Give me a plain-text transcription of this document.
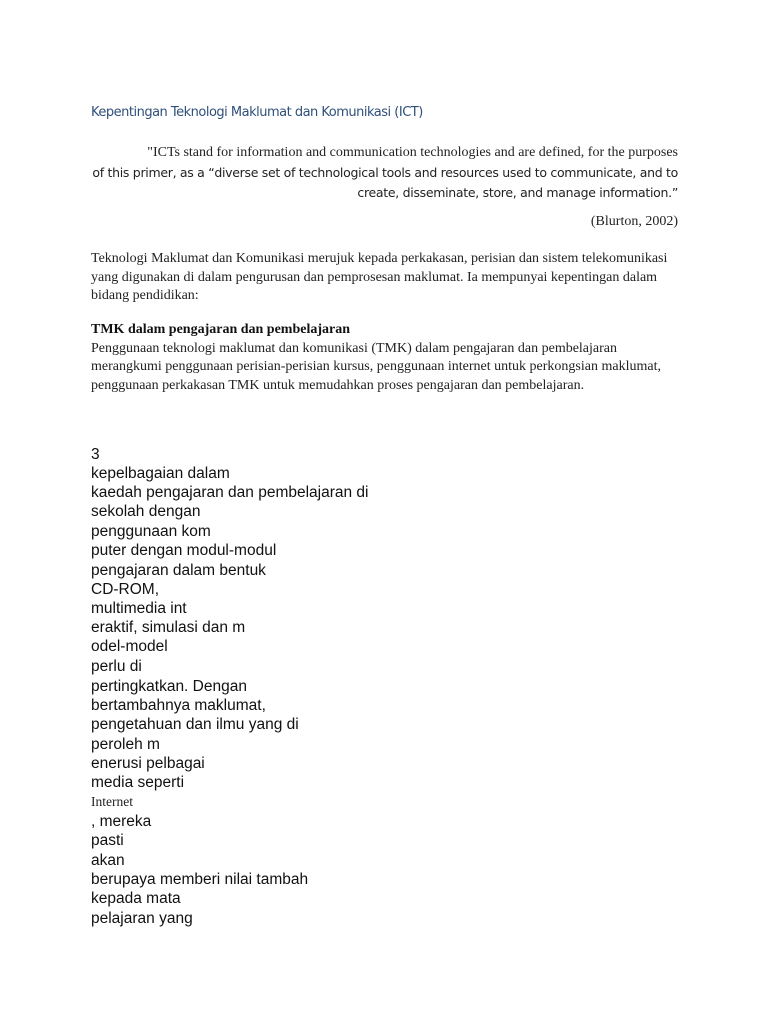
Kepentingan Teknologi Maklumat dan Komunikasi (ICT)
"ICTs stand for information and communication technologies and are defined, for the purposes
of this primer, as a “diverse set of technological tools and resources used to communicate, and to
create, disseminate, store, and manage information.”
(Blurton, 2002)
Teknologi Maklumat dan Komunikasi merujuk kepada perkakasan, perisian dan sistem telekomunikasi yang digunakan di dalam pengurusan dan pemprosesan maklumat. Ia mempunyai kepentingan dalam bidang pendidikan:
TMK dalam pengajaran dan pembelajaran
Penggunaan teknologi maklumat dan komunikasi (TMK) dalam pengajaran dan pembelajaran merangkumi penggunaan perisian-perisian kursus, penggunaan internet untuk perkongsian maklumat, penggunaan perkakasan TMK untuk memudahkan proses pengajaran dan pembelajaran.
3
kepelbagaian dalam
kaedah pengajaran dan pembelajaran di
sekolah dengan
penggunaan kom
puter dengan modul-modul
pengajaran dalam bentuk
CD-ROM,
multimedia int
eraktif, simulasi dan m
odel-model
perlu di
pertingkatkan. Dengan
bertambahnya maklumat,
pengetahuan dan ilmu yang di
peroleh m
enerusi pelbagai
media seperti
Internet
, mereka
pasti
akan
berupaya memberi nilai tambah
kepada mata
pelajaran yang
